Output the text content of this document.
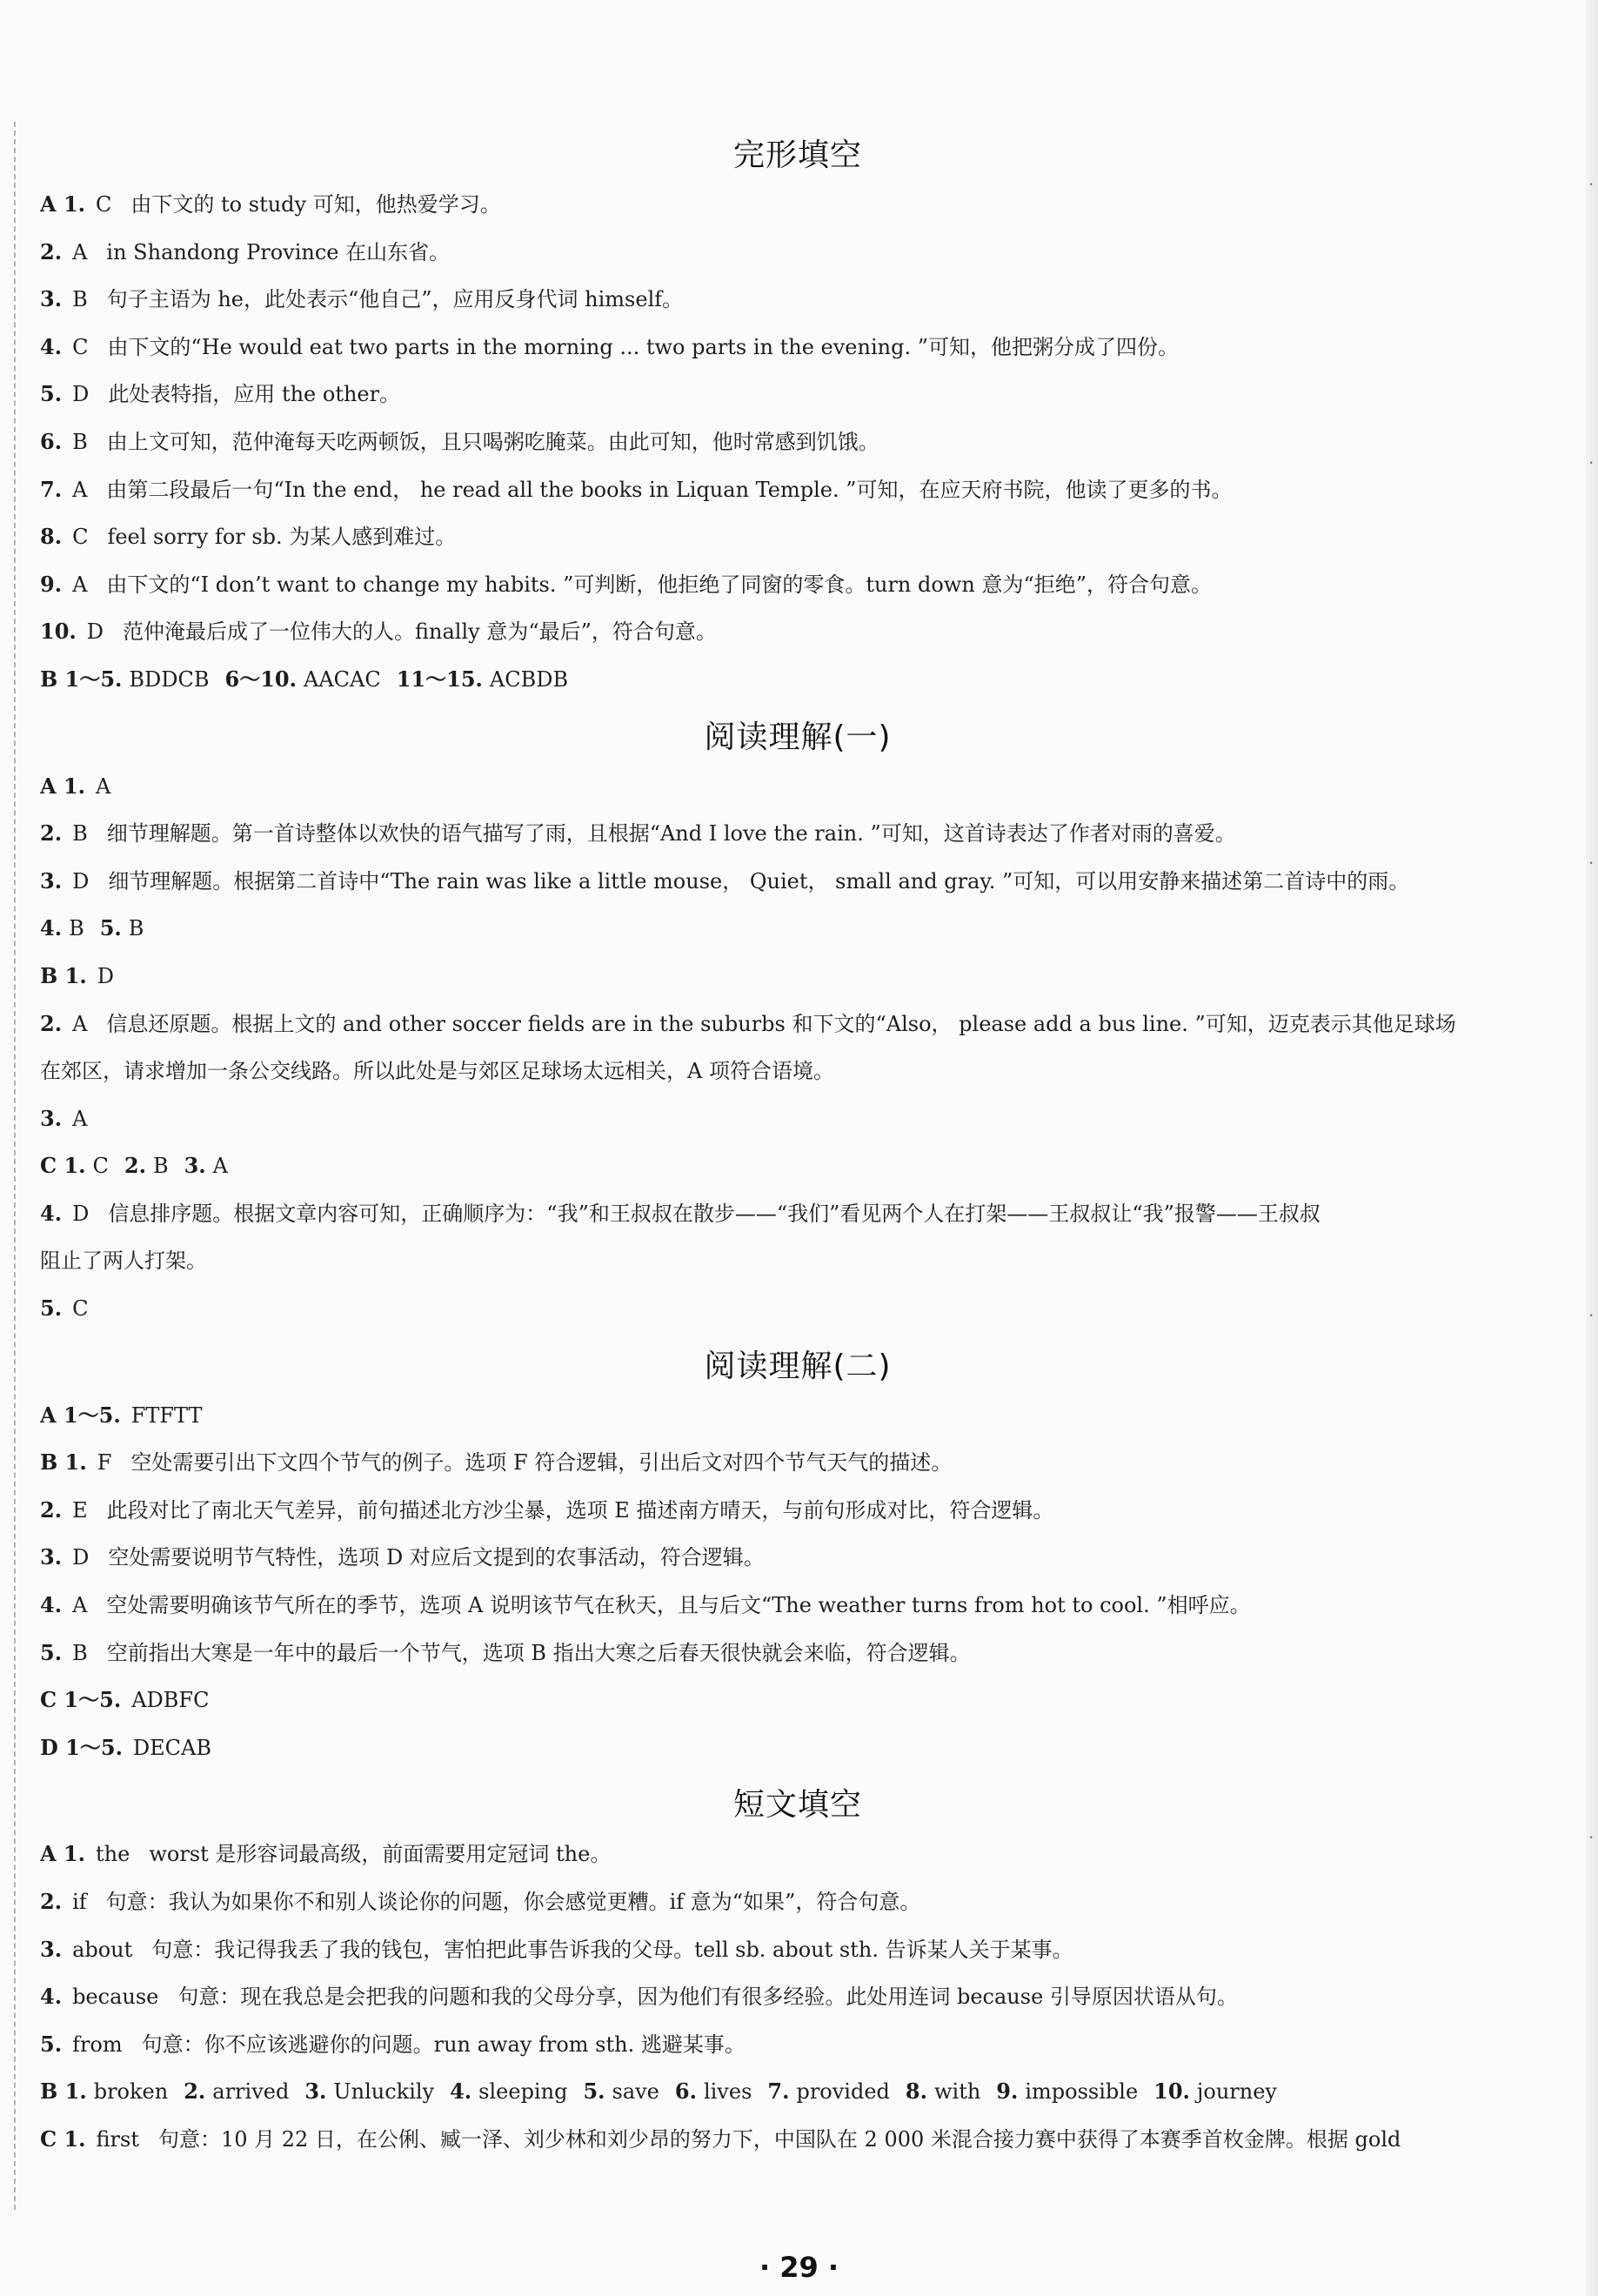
·
·
·
·
·
完形填空
A 1. C 由下文的 to study 可知，他热爱学习。
2. A in Shandong Province 在山东省。
3. B 句子主语为 he，此处表示“他自己”，应用反身代词 himself。
4. C 由下文的“He would eat two parts in the morning ... two parts in the evening. ”可知，他把粥分成了四份。
5. D 此处表特指，应用 the other。
6. B 由上文可知，范仲淹每天吃两顿饭，且只喝粥吃腌菜。由此可知，他时常感到饥饿。
7. A 由第二段最后一句“In the end， he read all the books in Liquan Temple. ”可知，在应天府书院，他读了更多的书。
8. C feel sorry for sb. 为某人感到难过。
9. A 由下文的“I don’t want to change my habits. ”可判断，他拒绝了同窗的零食。turn down 意为“拒绝”，符合句意。
10. D 范仲淹最后成了一位伟大的人。finally 意为“最后”，符合句意。
B 1～5. BDDCB 6～10. AACAC 11～15. ACBDB
阅读理解(一)
A 1. A
2. B 细节理解题。第一首诗整体以欢快的语气描写了雨，且根据“And I love the rain. ”可知，这首诗表达了作者对雨的喜爱。
3. D 细节理解题。根据第二首诗中“The rain was like a little mouse， Quiet， small and gray. ”可知，可以用安静来描述第二首诗中的雨。
4. B 5. B
B 1. D
2. A 信息还原题。根据上文的 and other soccer fields are in the suburbs 和下文的“Also， please add a bus line. ”可知，迈克表示其他足球场
在郊区，请求增加一条公交线路。所以此处是与郊区足球场太远相关，A 项符合语境。
3. A
C 1. C 2. B 3. A
4. D 信息排序题。根据文章内容可知，正确顺序为：“我”和王叔叔在散步——“我们”看见两个人在打架——王叔叔让“我”报警——王叔叔
阻止了两人打架。
5. C
阅读理解(二)
A 1～5. FTFTT
B 1. F 空处需要引出下文四个节气的例子。选项 F 符合逻辑，引出后文对四个节气天气的描述。
2. E 此段对比了南北天气差异，前句描述北方沙尘暴，选项 E 描述南方晴天，与前句形成对比，符合逻辑。
3. D 空处需要说明节气特性，选项 D 对应后文提到的农事活动，符合逻辑。
4. A 空处需要明确该节气所在的季节，选项 A 说明该节气在秋天，且与后文“The weather turns from hot to cool. ”相呼应。
5. B 空前指出大寒是一年中的最后一个节气，选项 B 指出大寒之后春天很快就会来临，符合逻辑。
C 1～5. ADBFC
D 1～5. DECAB
短文填空
A 1. the worst 是形容词最高级，前面需要用定冠词 the。
2. if 句意：我认为如果你不和别人谈论你的问题，你会感觉更糟。if 意为“如果”，符合句意。
3. about 句意：我记得我丢了我的钱包，害怕把此事告诉我的父母。tell sb. about sth. 告诉某人关于某事。
4. because 句意：现在我总是会把我的问题和我的父母分享，因为他们有很多经验。此处用连词 because 引导原因状语从句。
5. from 句意：你不应该逃避你的问题。run away from sth. 逃避某事。
B 1. broken 2. arrived 3. Unluckily 4. sleeping 5. save 6. lives 7. provided 8. with 9. impossible 10. journey
C 1. first 句意：10 月 22 日，在公俐、臧一泽、刘少林和刘少昂的努力下，中国队在 2 000 米混合接力赛中获得了本赛季首枚金牌。根据 gold
· 29 ·
